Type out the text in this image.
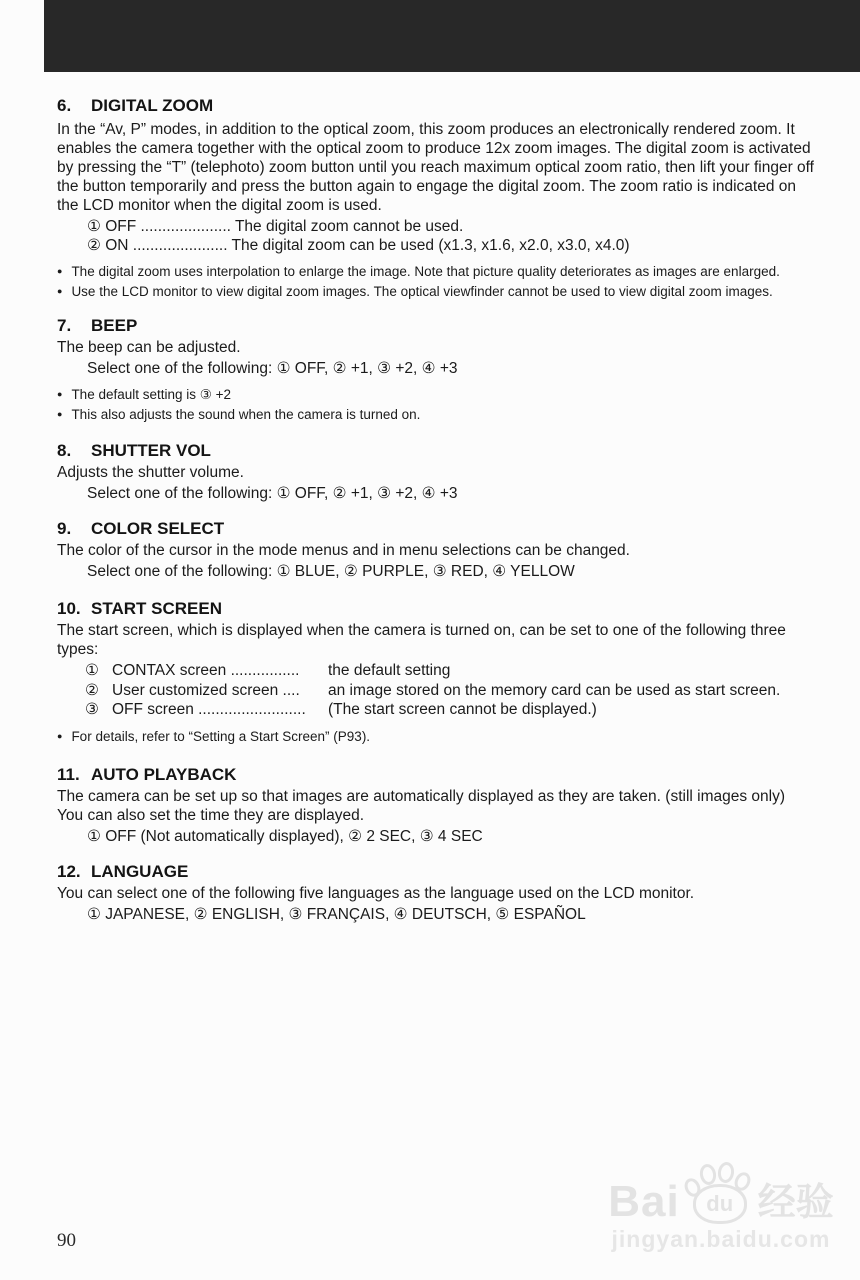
6.	DIGITAL ZOOM

In the “Av, P” modes, in addition to the optical zoom, this zoom produces an electronically rendered zoom. It enables the camera together with the optical zoom to produce 12x zoom images. The digital zoom is activated by pressing the “T” (telephoto) zoom button until you reach maximum optical zoom ratio, then lift your finger off the button temporarily and press the button again to engage the digital zoom. The zoom ratio is indicated on the LCD monitor when the digital zoom is used.

① OFF ..................... The digital zoom cannot be used.
② ON ...................... The digital zoom can be used (x1.3, x1.6, x2.0, x3.0, x4.0)
● The digital zoom uses interpolation to enlarge the image. Note that picture quality deteriorates as images are enlarged.
● Use the LCD monitor to view digital zoom images. The optical viewfinder cannot be used to view digital zoom images.
7.	BEEP

The beep can be adjusted.

Select one of the following: ① OFF, ② +1, ③ +2, ④ +3
● The default setting is ③ +2
● This also adjusts the sound when the camera is turned on.
8.	SHUTTER VOL

Adjusts the shutter volume.

Select one of the following: ① OFF, ② +1, ③ +2, ④ +3
9.	COLOR SELECT

The color of the cursor in the mode menus and in menu selections can be changed.

Select one of the following: ① BLUE, ② PURPLE, ③ RED, ④ YELLOW
10. START SCREEN

The start screen, which is displayed when the camera is turned on, can be set to one of the following three types:

① CONTAX screen ................	the default setting
② User customized screen ....	an image stored on the memory card can be used as start screen.
③ OFF screen .........................	(The start screen cannot be displayed.)
● For details, refer to “Setting a Start Screen” (P93).
11. AUTO PLAYBACK

The camera can be set up so that images are automatically displayed as they are taken. (still images only)

You can also set the time they are displayed.

① OFF (Not automatically displayed), ② 2 SEC, ③ 4 SEC
12. LANGUAGE

You can select one of the following five languages as the language used on the LCD monitor.

① JAPANESE, ② ENGLISH, ③ FRANÇAIS, ④ DEUTSCH, ⑤ ESPAÑOL
90
Bai	du 经验
jingyan.baidu.com
